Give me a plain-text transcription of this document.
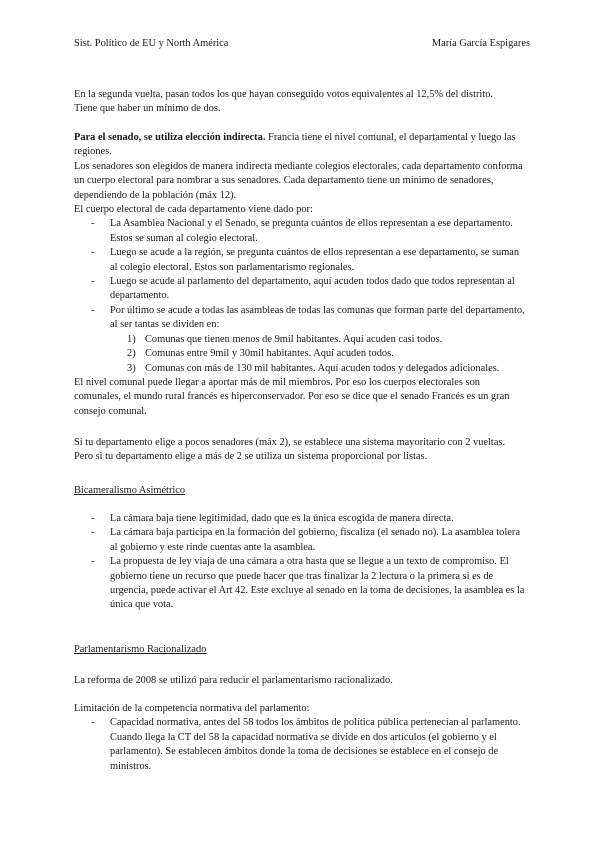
Sist. Político de EU y North América	María García Espigares

En la segunda vuelta, pasan todos los que hayan conseguido votos equivalentes al 12,5% del distrito.

Tiene que haber un mínimo de dos.

Para el senado, se utiliza elección indirecta. Francia tiene el nivel comunal, el departamental y luego las regiones.

Los senadores son elegidos de manera indirecta mediante colegios electorales, cada departamento conforma un cuerpo electoral para nombrar a sus senadores. Cada departamento tiene un mínimo de senadores, dependiendo de la población (máx 12).

El cuerpo electoral de cada departamento viene dado por:

- La Asamblea Nacional y el Senado, se pregunta cuántos de ellos representan a ese departamento. Estos se suman al colegio electoral.

- Luego se acude a la región, se pregunta cuántos de ellos representan a ese departamento, se suman al colegio electoral. Estos son parlamentarismo regionales.

- Luego se acude al parlamento del departamento, aquí acuden todos dado que todos representan al departamento.

- Por último se acude a todas las asambleas de todas las comunas que forman parte del departamento, al ser tantas se dividen en:

1) Comunas que tienen menos de 9mil habitantes. Aquí acuden casi todos.

2) Comunas entre 9mil y 30mil habitantes. Aquí acuden todos.

3) Comunas con más de 130 mil habitantes. Aquí acuden todos y delegados adicionales.

El nivel comunal puede llegar a aportar más de mil miembros. Por eso los cuerpos electorales son comunales, el mundo rural francés es hiperconservador. Por eso se dice que el senado Francés es un gran consejo comunal.

Si tu departamento elige a pocos senadores (máx 2), se establece una sistema mayoritario con 2 vueltas. Pero si tu departamento elige a más de 2 se utiliza un sistema proporcional por listas.

Bicameralismo Asimétrico

- La cámara baja tiene legitimidad, dado que es la única escogida de manera directa.

- La cámara baja participa en la formación del gobierno, fiscaliza (el senado no). La asamblea tolera al gobierno y este rinde cuentas ante la asamblea.

- La propuesta de ley viaja de una cámara a otra hasta que se llegue a un texto de compromiso. El gobierno tiene un recurso que puede hacer que tras finalizar la 2 lectura o la primera si es de urgencia, puede activar el Art 42. Este excluye al senado en la toma de decisiones, la asamblea es la única que vota.

Parlamentarismo Racionalizado

La reforma de 2008 se utilizó para reducir el parlamentarismo racionalizado.

Limitación de la competencia normativa del parlamento:

- Capacidad normativa, antes del 58 todos los ámbitos de política pública pertenecían al parlamento. Cuando llega la CT del 58 la capacidad normativa se divide en dos artículos (el gobierno y el parlamento). Se establecen ámbitos donde la toma de decisiones se establece en el consejo de ministros.
